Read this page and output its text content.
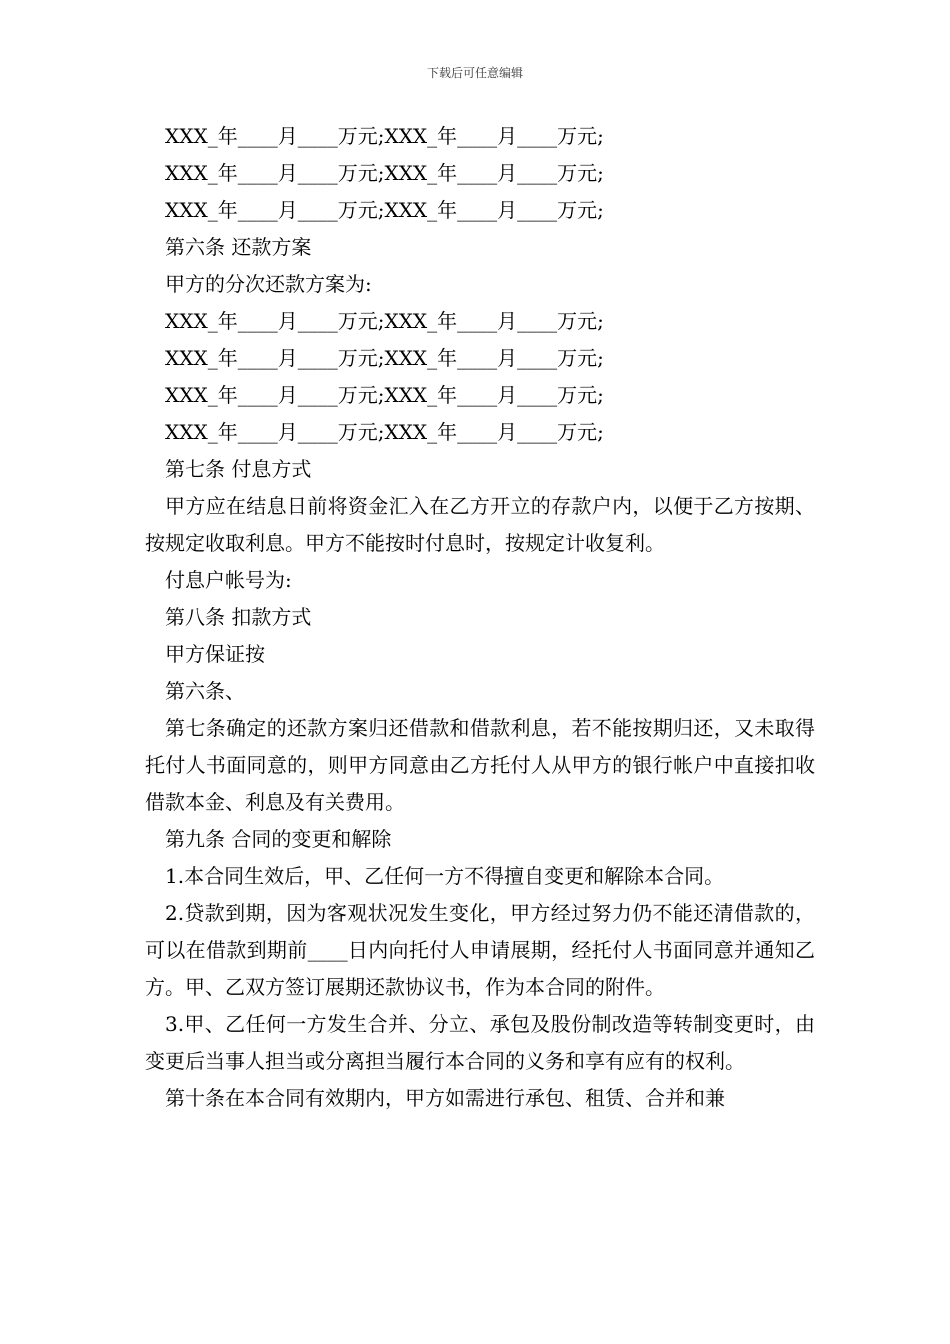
下载后可任意编辑
XXX_年____月____万元;XXX_年____月____万元;
XXX_年____月____万元;XXX_年____月____万元;
XXX_年____月____万元;XXX_年____月____万元;
第六条 还款方案
甲方的分次还款方案为:
XXX_年____月____万元;XXX_年____月____万元;
XXX_年____月____万元;XXX_年____月____万元;
XXX_年____月____万元;XXX_年____月____万元;
XXX_年____月____万元;XXX_年____月____万元;
第七条 付息方式
甲方应在结息日前将资金汇入在乙方开立的存款户内，以便于乙方按期、按规定收取利息。甲方不能按时付息时，按规定计收复利。
付息户帐号为:
第八条 扣款方式
甲方保证按
第六条、
第七条确定的还款方案归还借款和借款利息，若不能按期归还，又未取得托付人书面同意的，则甲方同意由乙方托付人从甲方的银行帐户中直接扣收借款本金、利息及有关费用。
第九条 合同的变更和解除
1.本合同生效后，甲、乙任何一方不得擅自变更和解除本合同。
2.贷款到期，因为客观状况发生变化，甲方经过努力仍不能还清借款的，可以在借款到期前____日内向托付人申请展期，经托付人书面同意并通知乙方。甲、乙双方签订展期还款协议书，作为本合同的附件。
3.甲、乙任何一方发生合并、分立、承包及股份制改造等转制变更时，由变更后当事人担当或分离担当履行本合同的义务和享有应有的权利。
第十条在本合同有效期内，甲方如需进行承包、租赁、合并和兼
